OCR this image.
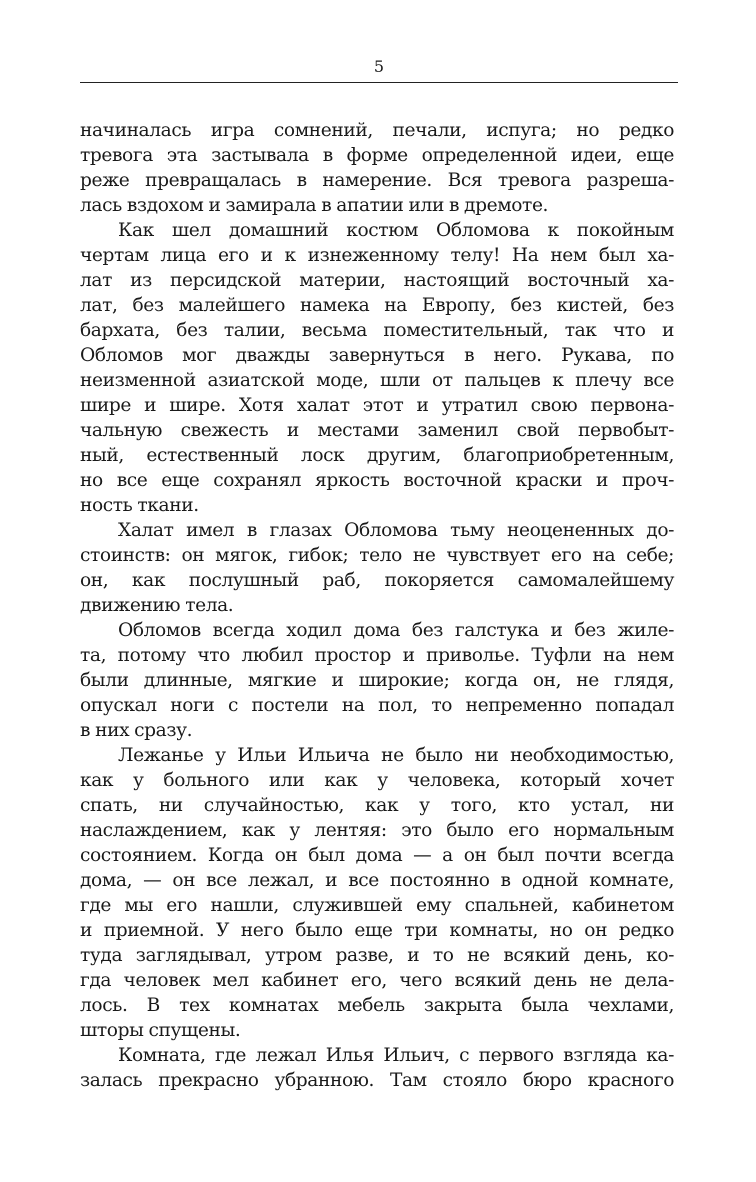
5
начиналась игра сомнений, печали, испуга; но редко
тревога эта застывала в форме определенной идеи, еще
реже превращалась в намерение. Вся тревога разреша-
лась вздохом и замирала в апатии или в дремоте.
Как шел домашний костюм Обломова к покойным
чертам лица его и к изнеженному телу! На нем был ха-
лат из персидской материи, настоящий восточный ха-
лат, без малейшего намека на Европу, без кистей, без
бархата, без талии, весьма поместительный, так что и
Обломов мог дважды завернуться в него. Рукава, по
неизменной азиатской моде, шли от пальцев к плечу все
шире и шире. Хотя халат этот и утратил свою первона-
чальную свежесть и местами заменил свой первобыт-
ный, естественный лоск другим, благоприобретенным,
но все еще сохранял яркость восточной краски и проч-
ность ткани.
Халат имел в глазах Обломова тьму неоцененных до-
стоинств: он мягок, гибок; тело не чувствует его на себе;
он, как послушный раб, покоряется самомалейшему
движению тела.
Обломов всегда ходил дома без галстука и без жиле-
та, потому что любил простор и приволье. Туфли на нем
были длинные, мягкие и широкие; когда он, не глядя,
опускал ноги с постели на пол, то непременно попадал
в них сразу.
Лежанье у Ильи Ильича не было ни необходимостью,
как у больного или как у человека, который хочет
спать, ни случайностью, как у того, кто устал, ни
наслаждением, как у лентяя: это было его нормальным
состоянием. Когда он был дома — а он был почти всегда
дома, — он все лежал, и все постоянно в одной комнате,
где мы его нашли, служившей ему спальней, кабинетом
и приемной. У него было еще три комнаты, но он редко
туда заглядывал, утром разве, и то не всякий день, ко-
гда человек мел кабинет его, чего всякий день не дела-
лось. В тех комнатах мебель закрыта была чехлами,
шторы спущены.
Комната, где лежал Илья Ильич, с первого взгляда ка-
залась прекрасно убранною. Там стояло бюро красного
